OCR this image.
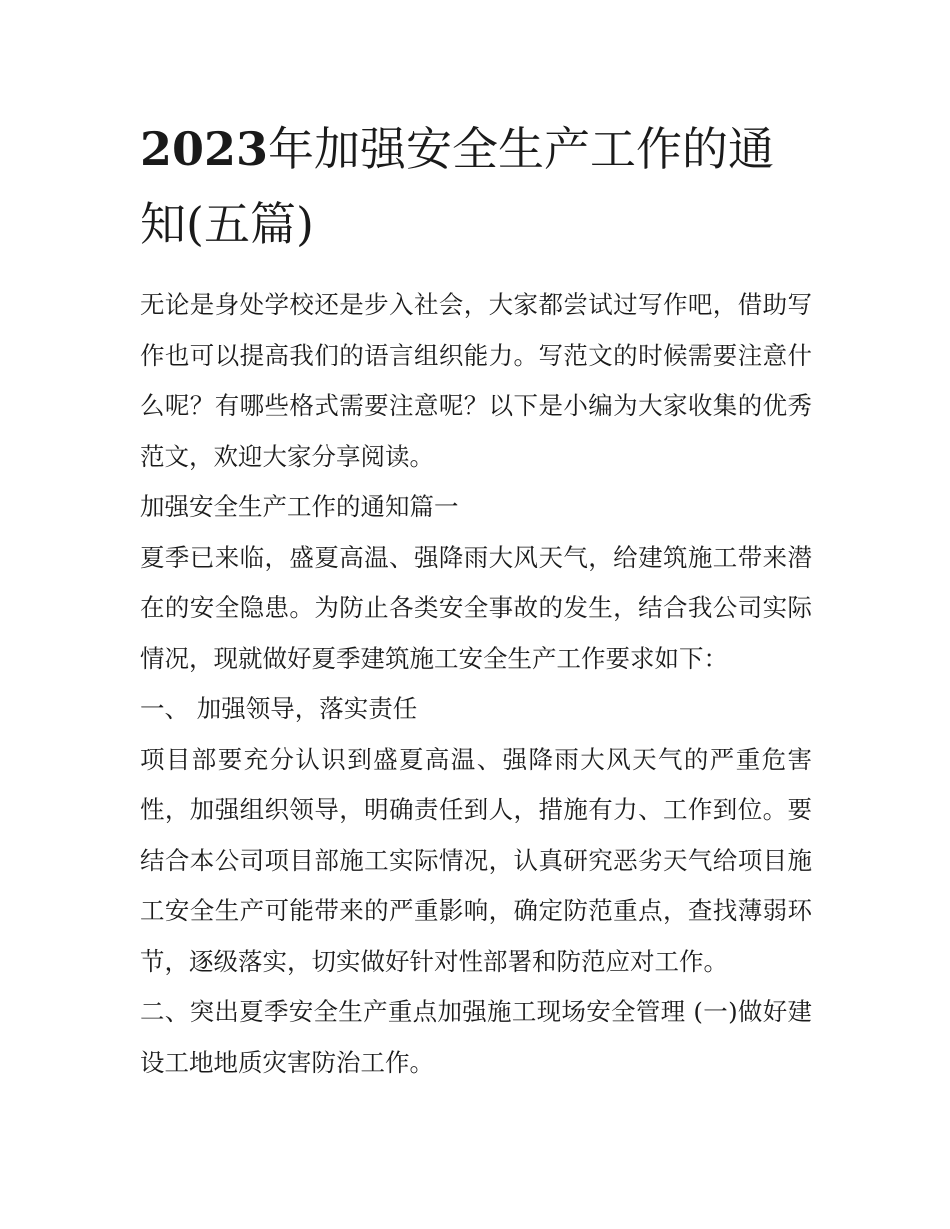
2023年加强安全生产工作的通知(五篇)

无论是身处学校还是步入社会，大家都尝试过写作吧，借助写作也可以提高我们的语言组织能力。写范文的时候需要注意什么呢？有哪些格式需要注意呢？以下是小编为大家收集的优秀范文，欢迎大家分享阅读。

加强安全生产工作的通知篇一

夏季已来临，盛夏高温、强降雨大风天气，给建筑施工带来潜在的安全隐患。为防止各类安全事故的发生，结合我公司实际情况，现就做好夏季建筑施工安全生产工作要求如下：

一、 加强领导，落实责任

项目部要充分认识到盛夏高温、强降雨大风天气的严重危害性，加强组织领导，明确责任到人，措施有力、工作到位。要结合本公司项目部施工实际情况，认真研究恶劣天气给项目施工安全生产可能带来的严重影响，确定防范重点，查找薄弱环节，逐级落实，切实做好针对性部署和防范应对工作。

二、突出夏季安全生产重点加强施工现场安全管理 (一)做好建设工地地质灾害防治工作。
